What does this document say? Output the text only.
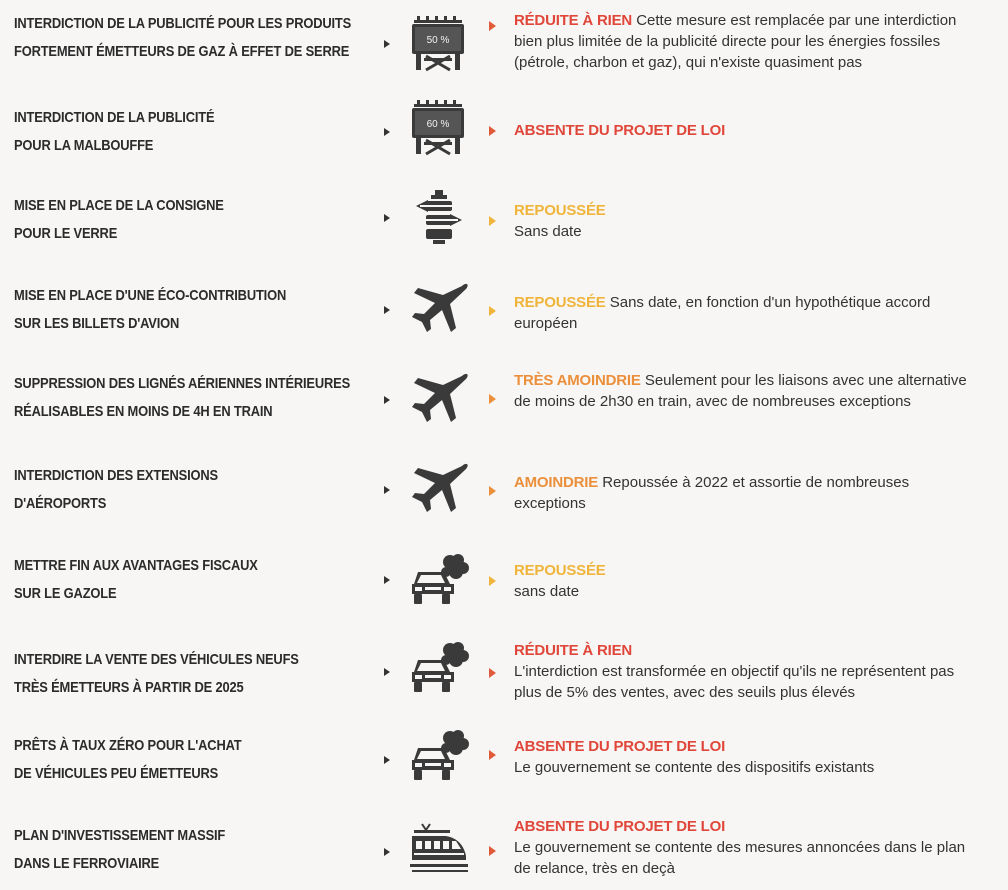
INTERDICTION DE LA PUBLICITÉ POUR LES PRODUITS
FORTEMENT ÉMETTEURS DE GAZ À EFFET DE SERRE
50 %
RÉDUITE À RIEN Cette mesure est remplacée par une interdiction bien plus limitée de la publicité directe pour les énergies fossiles (pétrole, charbon et gaz), qui n'existe quasiment pas
INTERDICTION DE LA PUBLICITÉ
POUR LA MALBOUFFE
60 %	ABSENTE DU PROJET DE LOI
MISE EN PLACE DE LA CONSIGNE
POUR LE VERRE
REPOUSSÉE
Sans date
MISE EN PLACE D'UNE ÉCO-CONTRIBUTION
SUR LES BILLETS D'AVION
REPOUSSÉE Sans date, en fonction d'un hypothétique accord européen
SUPPRESSION DES LIGNÉS AÉRIENNES INTÉRIEURES
RÉALISABLES EN MOINS DE 4H EN TRAIN
TRÈS AMOINDRIE Seulement pour les liaisons avec une alternative de moins de 2h30 en train, avec de nombreuses exceptions
INTERDICTION DES EXTENSIONS
D'AÉROPORTS
AMOINDRIE Repoussée à 2022 et assortie de nombreuses exceptions
METTRE FIN AUX AVANTAGES FISCAUX
SUR LE GAZOLE
REPOUSSÉE
sans date
INTERDIRE LA VENTE DES VÉHICULES NEUFS
TRÈS ÉMETTEURS À PARTIR DE 2025
RÉDUITE À RIEN
L'interdiction est transformée en objectif qu'ils ne représentent pas plus de 5% des ventes, avec des seuils plus élevés
PRÊTS À TAUX ZÉRO POUR L'ACHAT
DE VÉHICULES PEU ÉMETTEURS
ABSENTE DU PROJET DE LOI
Le gouvernement se contente des dispositifs existants
PLAN D'INVESTISSEMENT MASSIF
DANS LE FERROVIAIRE
ABSENTE DU PROJET DE LOI
Le gouvernement se contente des mesures annoncées dans le plan de relance, très en deçà
